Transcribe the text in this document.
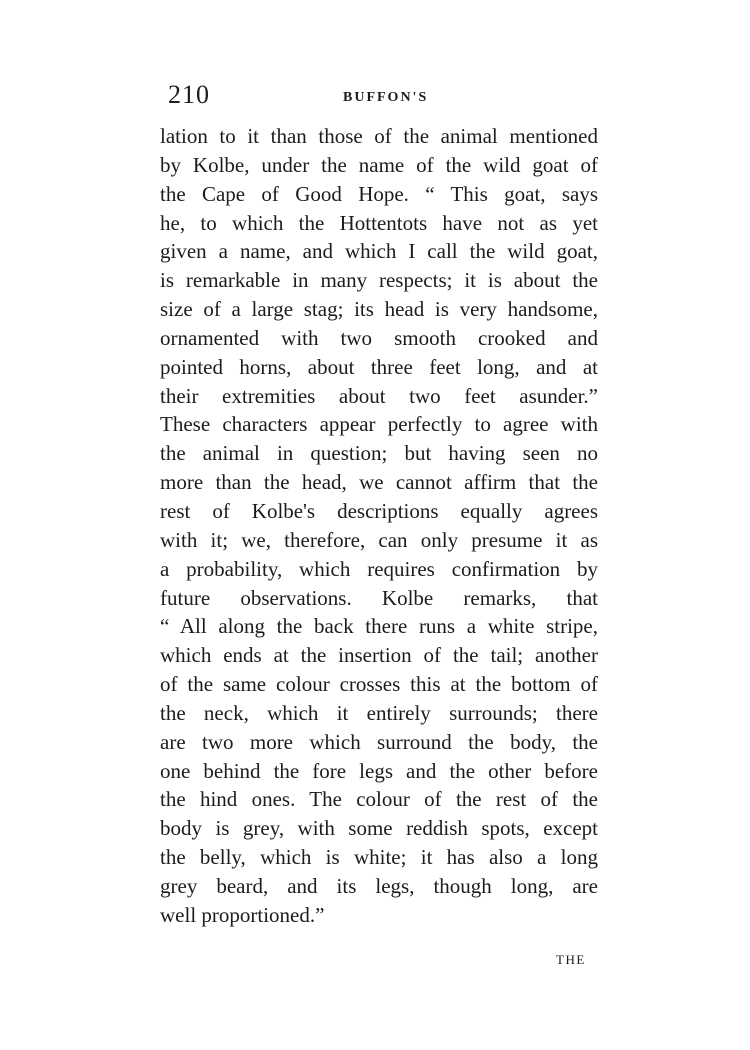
210	BUFFON'S
lation to it than those of the animal mentioned
by Kolbe, under the name of the wild goat of
the Cape of Good Hope. “ This goat, says
he, to which the Hottentots have not as yet
given a name, and which I call the wild goat,
is remarkable in many respects; it is about the
size of a large stag; its head is very handsome,
ornamented with two smooth crooked and
pointed horns, about three feet long, and at
their extremities about two feet asunder.”
These characters appear perfectly to agree with
the animal in question; but having seen no
more than the head, we cannot affirm that the
rest of Kolbe's descriptions equally agrees
with it; we, therefore, can only presume it as
a probability, which requires confirmation by
future observations. Kolbe remarks, that
“ All along the back there runs a white stripe,
which ends at the insertion of the tail; another
of the same colour crosses this at the bottom of
the neck, which it entirely surrounds; there
are two more which surround the body, the
one behind the fore legs and the other before
the hind ones. The colour of the rest of the
body is grey, with some reddish spots, except
the belly, which is white; it has also a long
grey beard, and its legs, though long, are
well proportioned.”
THE
